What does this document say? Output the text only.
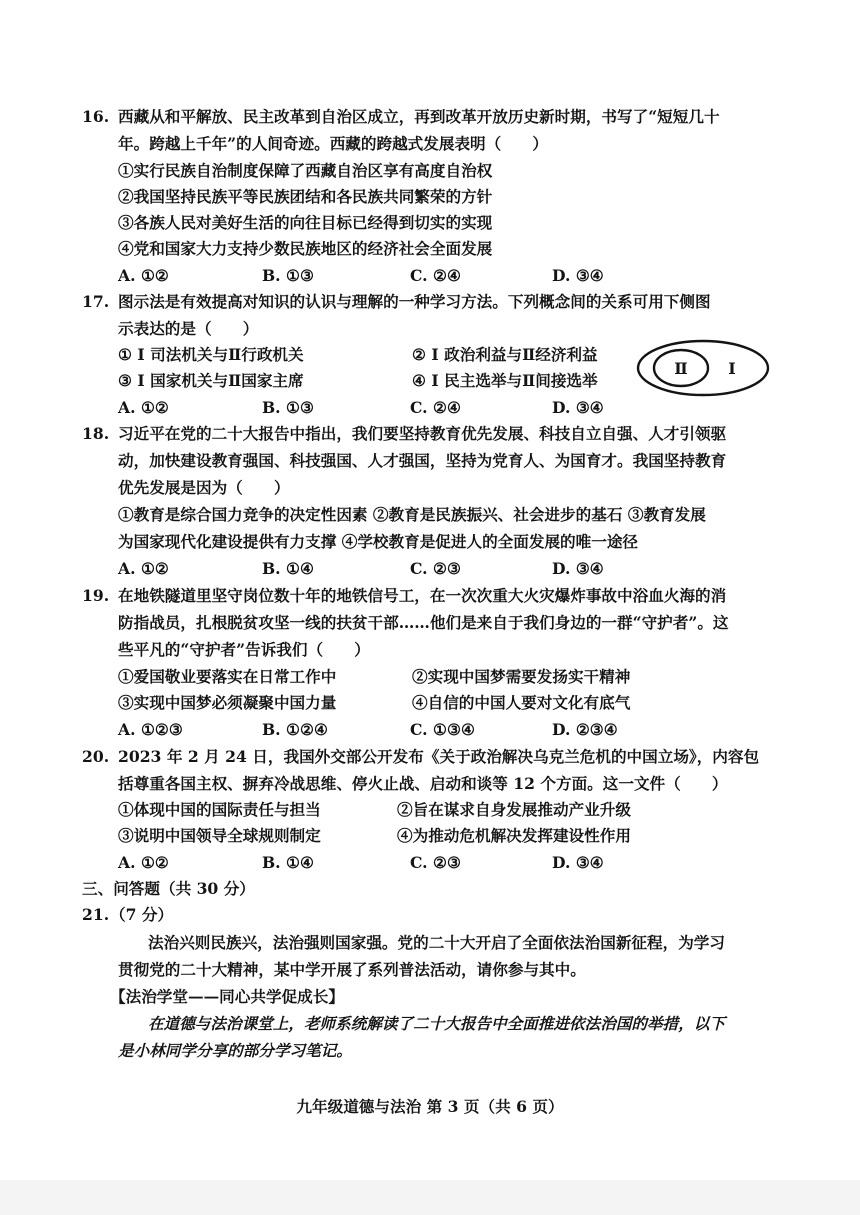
16. 西藏从和平解放、民主改革到自治区成立，再到改革开放历史新时期，书写了“短短几十
年。跨越上千年”的人间奇迹。西藏的跨越式发展表明（　　）
①实行民族自治制度保障了西藏自治区享有高度自治权
②我国坚持民族平等民族团结和各民族共同繁荣的方针
③各族人民对美好生活的向往目标已经得到切实的实现
④党和国家大力支持少数民族地区的经济社会全面发展
A. ①②	B. ①③	C. ②④	D. ③④
17. 图示法是有效提高对知识的认识与理解的一种学习方法。下列概念间的关系可用下侧图
示表达的是（　　）
① I 司法机关与Ⅱ行政机关	② I 政治利益与Ⅱ经济利益
③ I 国家机关与Ⅱ国家主席	④ I 民主选举与Ⅱ间接选举
A. ①②	B. ①③	C. ②④	D. ③④
Ⅱ	I
18. 习近平在党的二十大报告中指出，我们要坚持教育优先发展、科技自立自强、人才引领驱
动，加快建设教育强国、科技强国、人才强国，坚持为党育人、为国育才。我国坚持教育
优先发展是因为（　　）
①教育是综合国力竞争的决定性因素 ②教育是民族振兴、社会进步的基石 ③教育发展
为国家现代化建设提供有力支撑 ④学校教育是促进人的全面发展的唯一途径
A. ①②	B. ①④	C. ②③	D. ③④
19. 在地铁隧道里坚守岗位数十年的地铁信号工，在一次次重大火灾爆炸事故中浴血火海的消
防指战员，扎根脱贫攻坚一线的扶贫干部……他们是来自于我们身边的一群“守护者”。这
些平凡的“守护者”告诉我们（　　）
①爱国敬业要落实在日常工作中	②实现中国梦需要发扬实干精神
③实现中国梦必须凝聚中国力量	④自信的中国人要对文化有底气
A. ①②③	B. ①②④	C. ①③④	D. ②③④
20. 2023 年 2 月 24 日，我国外交部公开发布《关于政治解决乌克兰危机的中国立场》，内容包
括尊重各国主权、摒弃冷战思维、停火止战、启动和谈等 12 个方面。这一文件（　　）
①体现中国的国际责任与担当	②旨在谋求自身发展推动产业升级
③说明中国领导全球规则制定	④为推动危机解决发挥建设性作用
A. ①②	B. ①④	C. ②③	D. ③④
三、问答题（共 30 分）
21. （7 分）
法治兴则民族兴，法治强则国家强。党的二十大开启了全面依法治国新征程，为学习
贯彻党的二十大精神，某中学开展了系列普法活动，请你参与其中。
【法治学堂——同心共学促成长】
在道德与法治课堂上，老师系统解读了二十大报告中全面推进依法治国的举措，以下
是小林同学分享的部分学习笔记。
九年级道德与法治 第 3 页（共 6 页）
